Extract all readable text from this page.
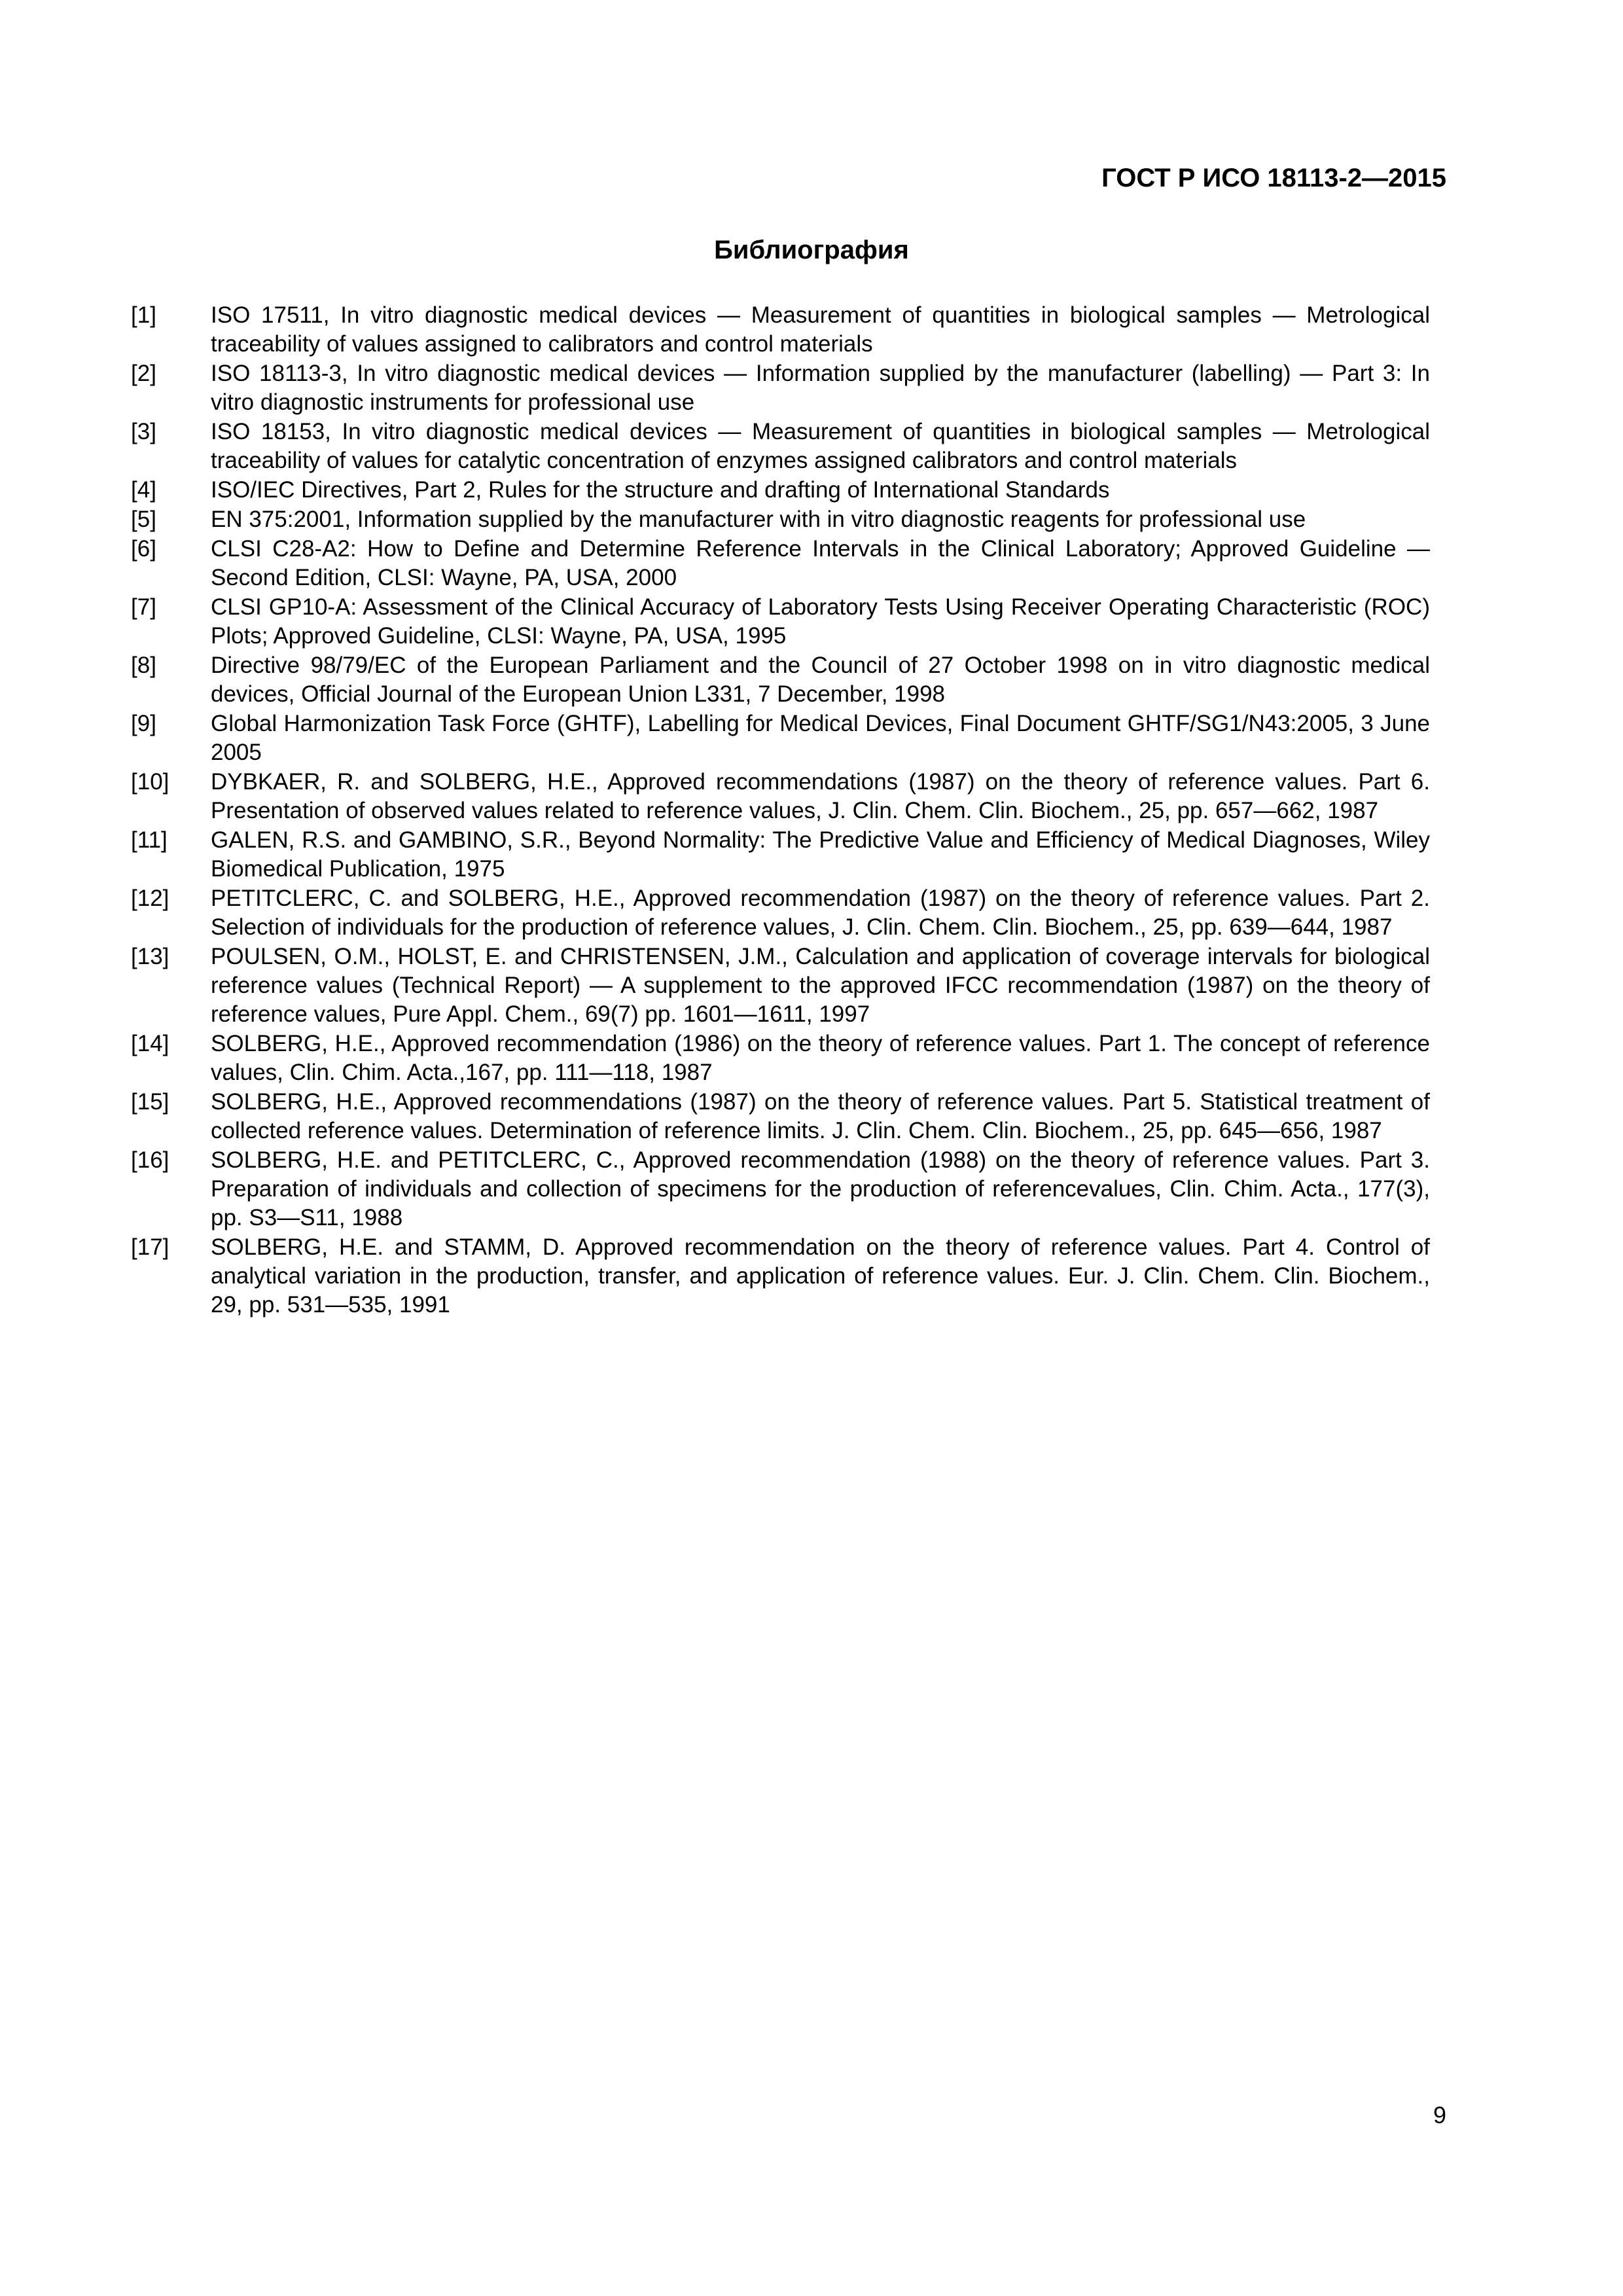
ГОСТ Р ИСО 18113-2—2015
Библиография
[1]	ISO 17511, In vitro diagnostic medical devices — Measurement of quantities in biological samples — Metrological traceability of values assigned to calibrators and control materials
[2]	ISO 18113-3, In vitro diagnostic medical devices — Information supplied by the manufacturer (labelling) — Part 3: In vitro diagnostic instruments for professional use
[3]	ISO 18153, In vitro diagnostic medical devices — Measurement of quantities in biological samples — Metrological traceability of values for catalytic concentration of enzymes assigned calibrators and control materials
[4]	ISO/IEC Directives, Part 2, Rules for the structure and drafting of International Standards
[5]	EN 375:2001, Information supplied by the manufacturer with in vitro diagnostic reagents for professional use
[6]	CLSI C28-A2: How to Define and Determine Reference Intervals in the Clinical Laboratory; Approved Guideline — Second Edition, CLSI: Wayne, PA, USA, 2000
[7]	CLSI GP10-A: Assessment of the Clinical Accuracy of Laboratory Tests Using Receiver Operating Characteristic (ROC) Plots; Approved Guideline, CLSI: Wayne, PA, USA, 1995
[8]	Directive 98/79/EC of the European Parliament and the Council of 27 October 1998 on in vitro diagnostic medical devices, Official Journal of the European Union L331, 7 December, 1998
[9]	Global Harmonization Task Force (GHTF), Labelling for Medical Devices, Final Document GHTF/SG1/N43:2005, 3 June 2005
[10]	DYBKAER, R. and SOLBERG, H.E., Approved recommendations (1987) on the theory of reference values. Part 6. Presentation of observed values related to reference values, J. Clin. Chem. Clin. Biochem., 25, pp. 657—662, 1987
[11]	GALEN, R.S. and GAMBINO, S.R., Beyond Normality: The Predictive Value and Efficiency of Medical Diagnoses, Wiley Biomedical Publication, 1975
[12]	PETITCLERC, C. and SOLBERG, H.E., Approved recommendation (1987) on the theory of reference values. Part 2. Selection of individuals for the production of reference values, J. Clin. Chem. Clin. Biochem., 25, pp. 639—644, 1987
[13]	POULSEN, O.M., HOLST, E. and CHRISTENSEN, J.M., Calculation and application of coverage intervals for biological reference values (Technical Report) — A supplement to the approved IFCC recommendation (1987) on the theory of reference values, Pure Appl. Chem., 69(7) pp. 1601—1611, 1997
[14]	SOLBERG, H.E., Approved recommendation (1986) on the theory of reference values. Part 1. The concept of reference values, Clin. Chim. Acta.,167, pp. 111—118, 1987
[15]	SOLBERG, H.E., Approved recommendations (1987) on the theory of reference values. Part 5. Statistical treatment of collected reference values. Determination of reference limits. J. Clin. Chem. Clin. Biochem., 25, pp. 645—656, 1987
[16]	SOLBERG, H.E. and PETITCLERC, C., Approved recommendation (1988) on the theory of reference values. Part 3. Preparation of individuals and collection of specimens for the production of referencevalues, Clin. Chim. Acta., 177(3), pp. S3—S11, 1988
[17]	SOLBERG, H.E. and STAMM, D. Approved recommendation on the theory of reference values. Part 4. Control of analytical variation in the production, transfer, and application of reference values. Eur. J. Clin. Chem. Clin. Biochem., 29, pp. 531—535, 1991
9
